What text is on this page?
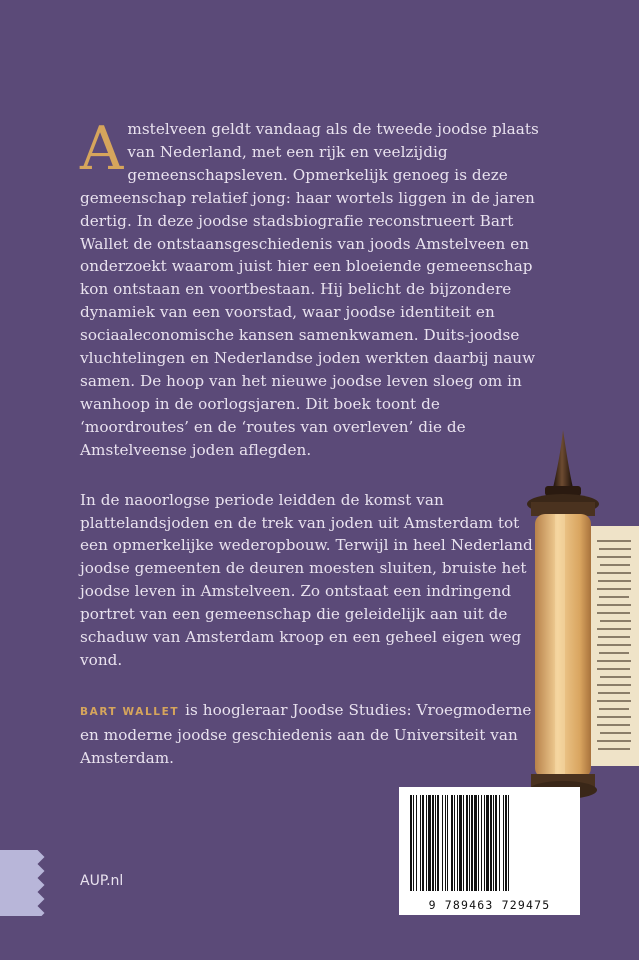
Amstelveen geldt vandaag als de tweede joodse plaats van Nederland, met een rijk en veelzijdig gemeenschapsleven. Opmerkelijk genoeg is deze gemeenschap relatief jong: haar wortels liggen in de jaren dertig. In deze joodse stadsbiografie reconstrueert Bart Wallet de ontstaansgeschiedenis van joods Amstelveen en onderzoekt waarom juist hier een bloeiende gemeenschap kon ontstaan en voortbestaan. Hij belicht de bijzondere dynamiek van een voorstad, waar joodse identiteit en sociaaleconomische kansen samenkwamen. Duits-joodse vluchtelingen en Nederlandse joden werkten daarbij nauw samen. De hoop van het nieuwe joodse leven sloeg om in wanhoop in de oorlogsjaren. Dit boek toont de ‘moordroutes’ en de ‘routes van overleven’ die de Amstelveense joden aflegden.

In de naoorlogse periode leidden de komst van plattelandsjoden en de trek van joden uit Amsterdam tot een opmerkelijke wederopbouw. Terwijl in heel Nederland joodse gemeenten de deuren moesten sluiten, bruiste het joodse leven in Amstelveen. Zo ontstaat een indringend portret van een gemeenschap die geleidelijk aan uit de schaduw van Amsterdam kroop en een geheel eigen weg vond.

BART WALLET is hoogleraar Joodse Studies: Vroegmoderne en moderne joodse geschiedenis aan de Universiteit van Amsterdam.

9 789463 729475
AUP.nl
